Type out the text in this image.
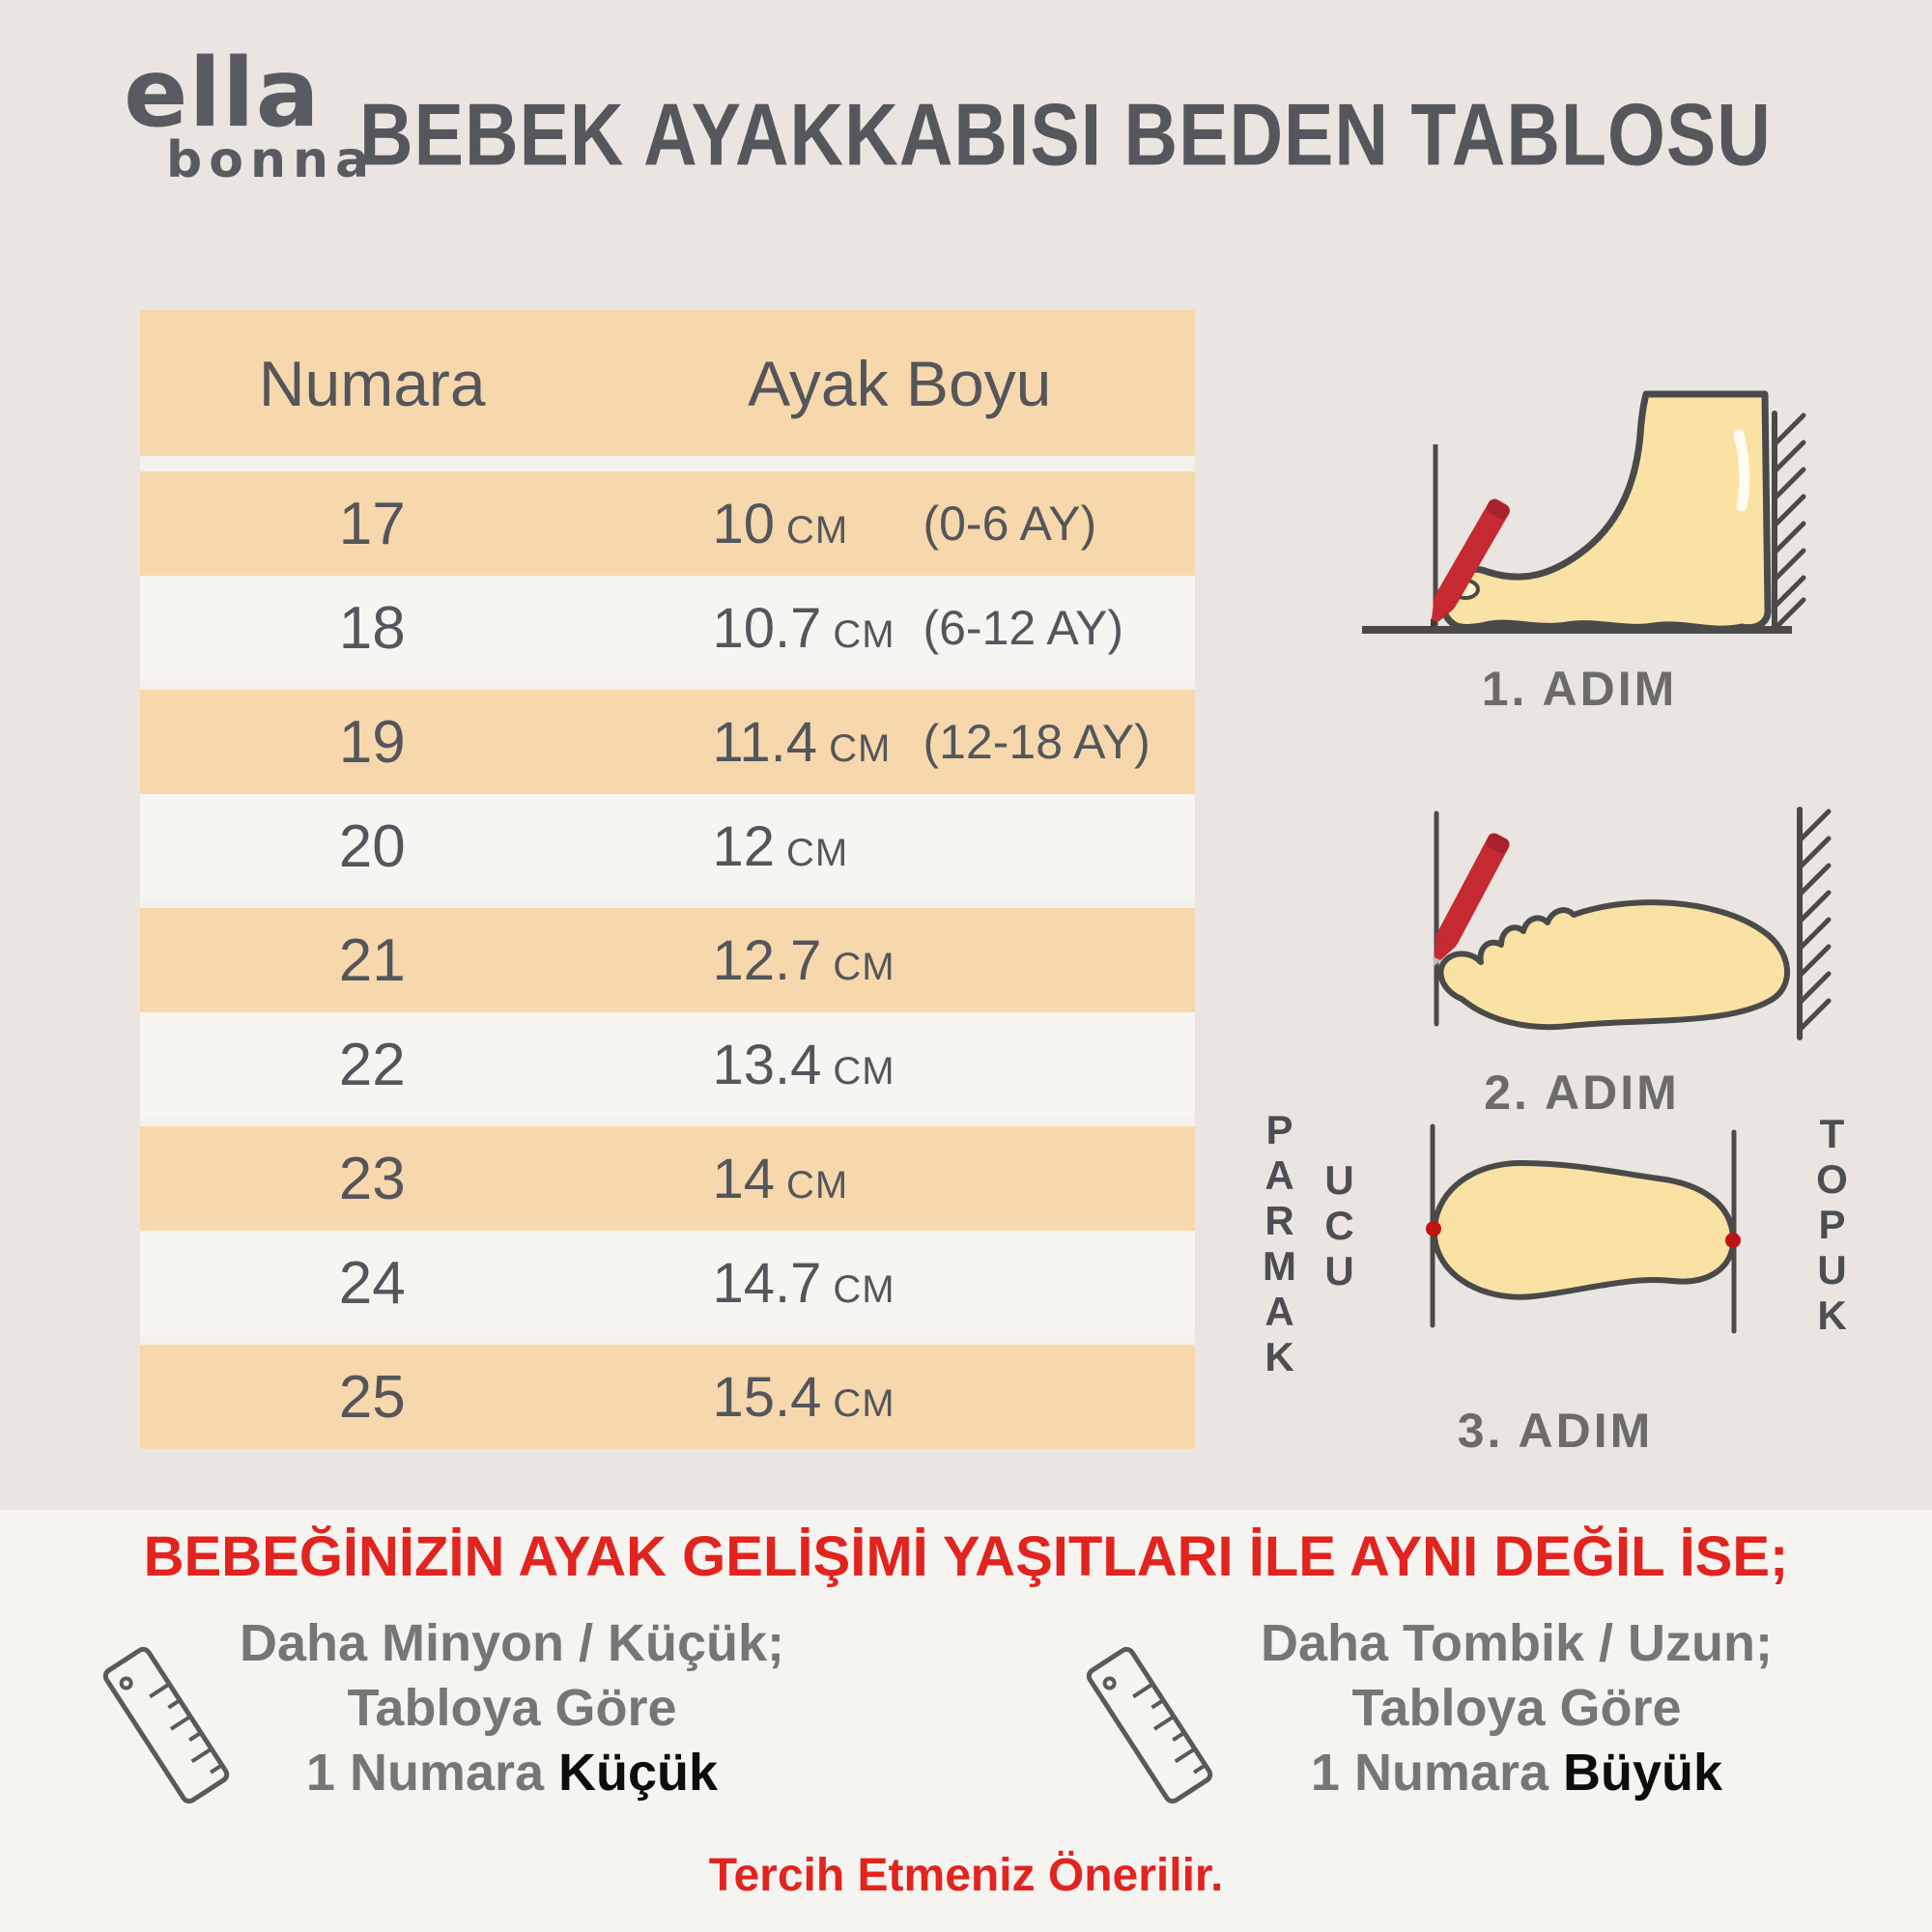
ella
bonna
BEBEK AYAKKABISI BEDEN TABLOSU
Numara	Ayak Boyu
17	10 CM	(0-6 AY)
18	10.7 CM (6-12 AY)
19	11.4 CM (12-18 AY)
20	12 CM
21	12.7 CM
22	13.4 CM
23	14 CM
24	14.7 CM
25	15.4 CM
1. ADIM
2. ADIM
PARMAK UCU	TOPUK
3. ADIM
BEBEĞİNİZİN AYAK GELİŞİMİ YAŞITLARI İLE AYNI DEĞİL İSE;
Daha Minyon / Küçük;
Tabloya Göre
1 Numara Küçük
Daha Tombik / Uzun;
Tabloya Göre
1 Numara Büyük
Tercih Etmeniz Önerilir.
